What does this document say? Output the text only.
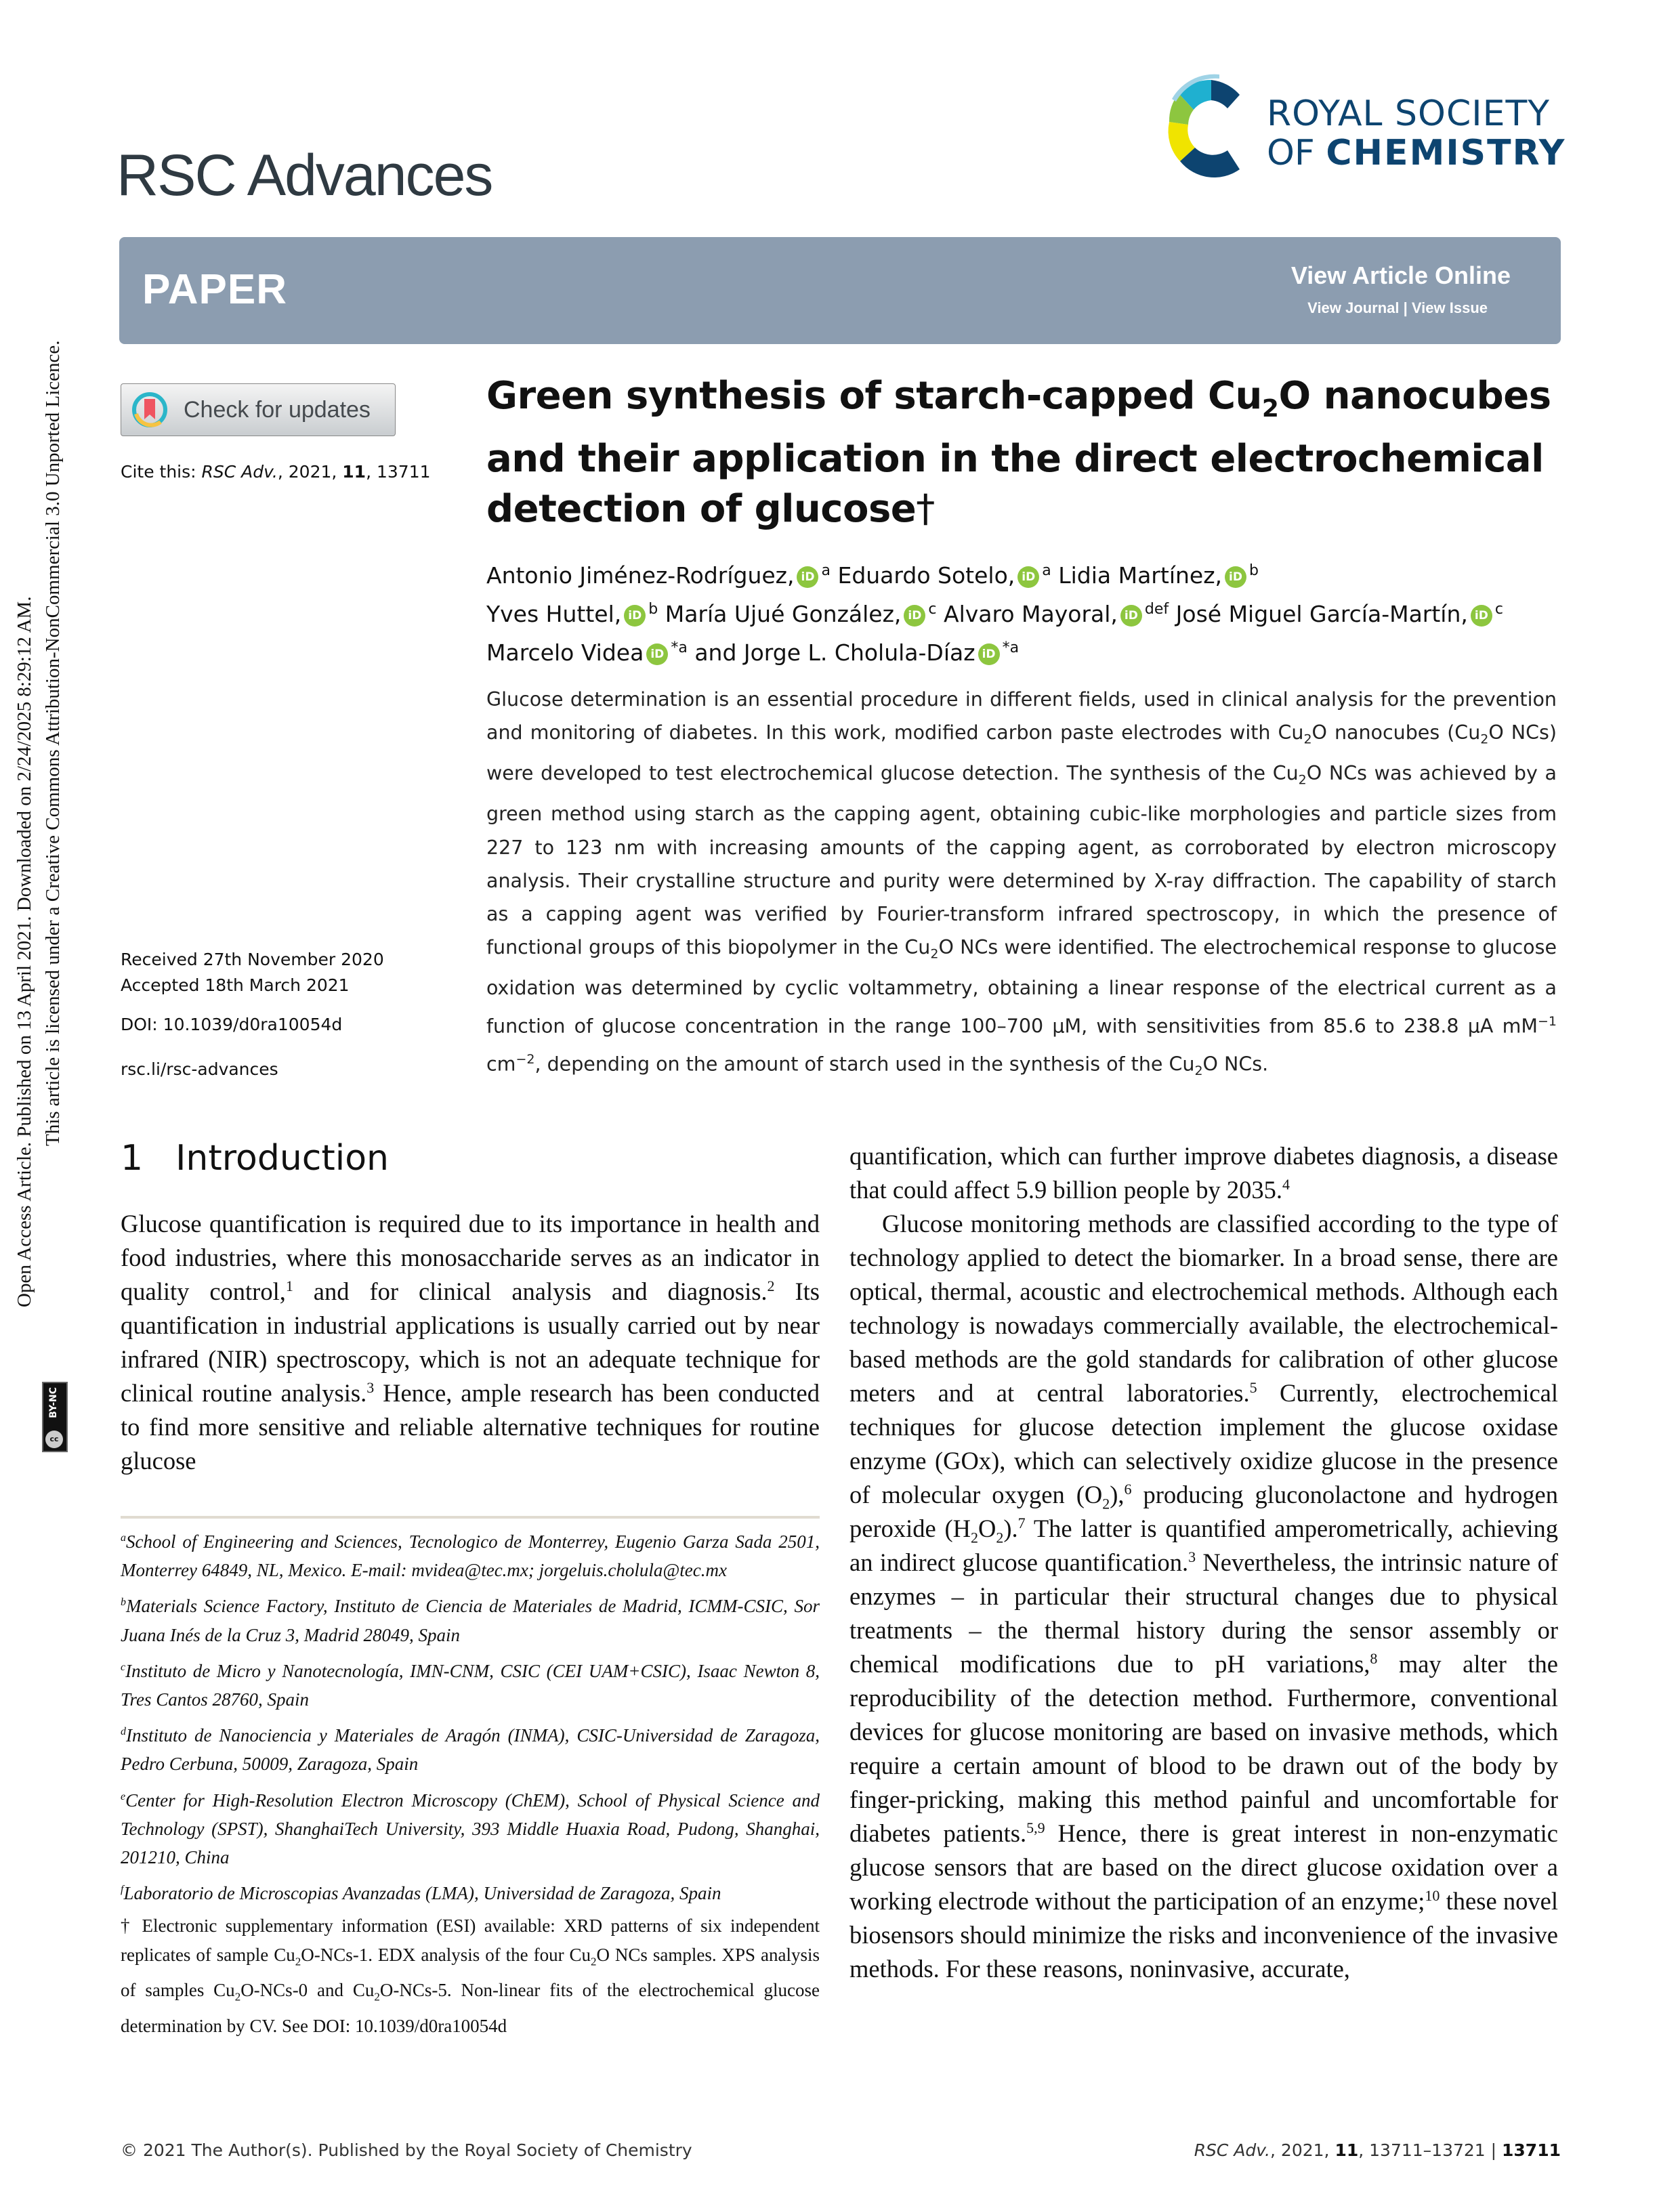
RSC Advances
ROYAL SOCIETY
OF CHEMISTRY
PAPER	View Article Online
View Journal | View Issue
Check for updates
Cite this: RSC Adv., 2021, 11, 13711
Received 27th November 2020
Accepted 18th March 2021
DOI: 10.1039/d0ra10054d
rsc.li/rsc-advances
Green synthesis of starch-capped $Cu_2O$ nanocubes and their application in the direct electrochemical detection of glucose†
Antonio Jiménez-Rodríguez, iD $^a$ Eduardo Sotelo, iD $^a$ Lidia Martínez, iD $^b$
Yves Huttel, iD $^b$ María Ujué González, iD $^c$ Alvaro Mayoral, iD $^{def}$ José Miguel García-Martín, iD $^c$ Marcelo Videa iD $^{*a}$ and Jorge L. Cholula-Díaz iD $^{*a}$
Glucose determination is an essential procedure in different fields, used in clinical analysis for the prevention and monitoring of diabetes. In this work, modified carbon paste electrodes with $Cu_2O$ nanocubes ($Cu_2O$ NCs) were developed to test electrochemical glucose detection. The synthesis of the $Cu_2O$ NCs was achieved by a green method using starch as the capping agent, obtaining cubic-like morphologies and particle sizes from 227 to 123 nm with increasing amounts of the capping agent, as corroborated by electron microscopy analysis. Their crystalline structure and purity were determined by X-ray diffraction. The capability of starch as a capping agent was verified by Fourier-transform infrared spectroscopy, in which the presence of functional groups of this biopolymer in the $Cu_2O$ NCs were identified. The electrochemical response to glucose oxidation was determined by cyclic voltammetry, obtaining a linear response of the electrical current as a function of glucose concentration in the range 100–700 μM, with sensitivities from 85.6 to 238.8 μA $mM^{-1}$ $cm^{-2}$, depending on the amount of starch used in the synthesis of the $Cu_2O$ NCs.
1 Introduction

Glucose quantification is required due to its importance in health and food industries, where this monosaccharide serves as an indicator in quality control,$^1$ and for clinical analysis and diagnosis.$^2$ Its quantification in industrial applications is usually carried out by near infrared (NIR) spectroscopy, which is not an adequate technique for clinical routine analysis.$^3$ Hence, ample research has been conducted to find more sensitive and reliable alternative techniques for routine glucose

$^a$School of Engineering and Sciences, Tecnologico de Monterrey, Eugenio Garza Sada 2501, Monterrey 64849, NL, Mexico. E-mail: mvidea@tec.mx; jorgeluis.cholula@tec.mx

$^b$Materials Science Factory, Instituto de Ciencia de Materiales de Madrid, ICMM-CSIC, Sor Juana Inés de la Cruz 3, Madrid 28049, Spain

$^c$Instituto de Micro y Nanotecnología, IMN-CNM, CSIC (CEI UAM+CSIC), Isaac Newton 8, Tres Cantos 28760, Spain

$^d$Instituto de Nanociencia y Materiales de Aragón (INMA), CSIC-Universidad de Zaragoza, Pedro Cerbuna, 50009, Zaragoza, Spain

$^e$Center for High-Resolution Electron Microscopy (ChEM), School of Physical Science and Technology (SPST), ShanghaiTech University, 393 Middle Huaxia Road, Pudong, Shanghai, 201210, China

$^f$Laboratorio de Microscopias Avanzadas (LMA), Universidad de Zaragoza, Spain

† Electronic supplementary information (ESI) available: XRD patterns of six independent replicates of sample $Cu_2O-NCs-1$. EDX analysis of the four $Cu_2O$ NCs samples. XPS analysis of samples $Cu_2O-NCs-0$ and $Cu_2O-NCs-5$. Non-linear fits of the electrochemical glucose determination by CV. See DOI: 10.1039/d0ra10054d

quantification, which can further improve diabetes diagnosis, a disease that could affect 5.9 billion people by 2035.$^4$

Glucose monitoring methods are classified according to the type of technology applied to detect the biomarker. In a broad sense, there are optical, thermal, acoustic and electrochemical methods. Although each technology is nowadays commercially available, the electrochemical-based methods are the gold standards for calibration of other glucose meters and at central laboratories.$^5$ Currently, electrochemical techniques for glucose detection implement the glucose oxidase enzyme (GOx), which can selectively oxidize glucose in the presence of molecular oxygen $(O_2),^6$ producing gluconolactone and hydrogen peroxide $(H_2O_2).^7$ The latter is quantified amperometrically, achieving an indirect glucose quantification.$^3$ Nevertheless, the intrinsic nature of enzymes – in particular their structural changes due to physical treatments – the thermal history during the sensor assembly or chemical modifications due to pH variations,$^8$ may alter the reproducibility of the detection method. Furthermore, conventional devices for glucose monitoring are based on invasive methods, which require a certain amount of blood to be drawn out of the body by finger-pricking, making this method painful and uncomfortable for diabetes patients.$^{5,9}$ Hence, there is great interest in non-enzymatic glucose sensors that are based on the direct glucose oxidation over a working electrode without the participation of an enzyme;$^{10}$ these novel biosensors should minimize the risks and inconvenience of the invasive methods. For these reasons, noninvasive, accurate,

Open Access Article. Published on 13 April 2021. Downloaded on 2/24/2025 8:29:12 AM. This article is licensed under a Creative Commons Attribution-NonCommercial 3.0 Unported Licence.
BY-NC
cc
© 2021 The Author(s). Published by the Royal Society of Chemistry	RSC Adv., 2021, 11, 13711–13721 | 13711
